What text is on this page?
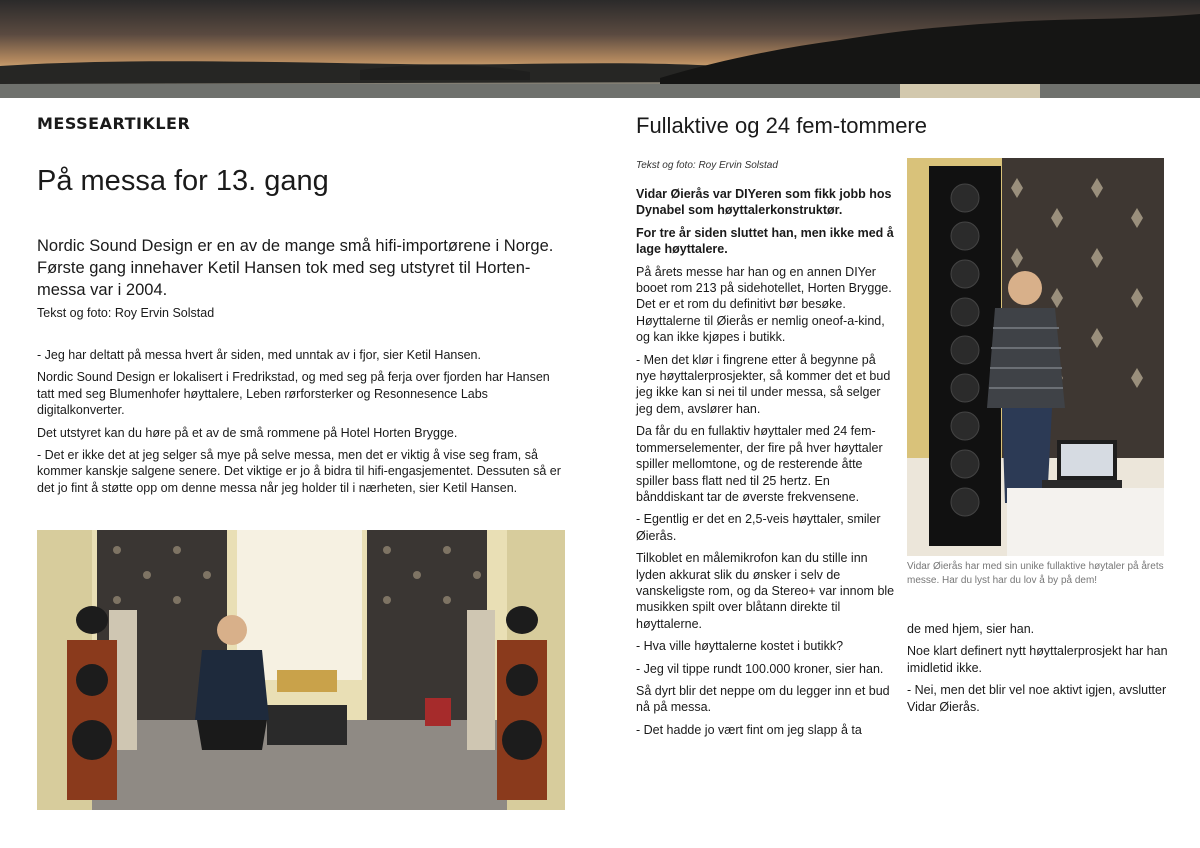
MESSEARTIKLER
På messa for 13. gang
Nordic Sound Design er en av de mange små hifi-importørene i Norge. Første gang innehaver Ketil Hansen tok med seg utstyret til Horten-messa var i 2004.
Tekst og foto: Roy Ervin Solstad

- Jeg har deltatt på messa hvert år siden, med unntak av i fjor, sier Ketil Hansen.

Nordic Sound Design er lokalisert i Fredrikstad, og med seg på ferja over fjorden har Hansen tatt med seg Blumenhofer høyttalere, Leben rørforsterker og Resonnesence Labs digitalkonverter.

Det utstyret kan du høre på et av de små rommene på Hotel Horten Brygge.

- Det er ikke det at jeg selger så mye på selve messa, men det er viktig å vise seg fram, så kommer kanskje salgene senere. Det viktige er jo å bidra til hifi-engasjementet. Dessuten så er det jo fint å støtte opp om denne messa når jeg holder til i nærheten, sier Ketil Hansen.

Fullaktive og 24 fem-tommere
Tekst og foto: Roy Ervin Solstad

Vidar Øierås var DIYeren som fikk jobb hos Dynabel som høyttalerkonstruktør.

For tre år siden sluttet han, men ikke med å lage høyttalere.

På årets messe har han og en annen DIYer booet rom 213 på sidehotellet, Horten Brygge. Det er et rom du definitivt bør besøke. Høyttalerne til Øierås er nemlig oneof-a-kind, og kan ikke kjøpes i butikk.

- Men det klør i fingrene etter å begynne på nye høyttalerprosjekter, så kommer det et bud jeg ikke kan si nei til under messa, så selger jeg dem, avslører han.

Da får du en fullaktiv høyttaler med 24 fem-tommerselementer, der fire på hver høyttaler spiller mellomtone, og de resterende åtte spiller bass flatt ned til 25 hertz. En bånddiskant tar de øverste frekvensene.

- Egentlig er det en 2,5-veis høyttaler, smiler Øierås.

Tilkoblet en målemikrofon kan du stille inn lyden akkurat slik du ønsker i selv de vanskeligste rom, og da Stereo+ var innom ble musikken spilt over blåtann direkte til høyttalerne.

- Hva ville høyttalerne kostet i butikk?

- Jeg vil tippe rundt 100.000 kroner, sier han.

Så dyrt blir det neppe om du legger inn et bud nå på messa.

- Det hadde jo vært fint om jeg slapp å ta

Vidar Øierås har med sin unike fullaktive høytaler på årets messe. Har du lyst har du lov å by på dem!

de med hjem, sier han.

Noe klart definert nytt høyttalerprosjekt har han imidletid ikke.

- Nei, men det blir vel noe aktivt igjen, avslutter Vidar Øierås.
